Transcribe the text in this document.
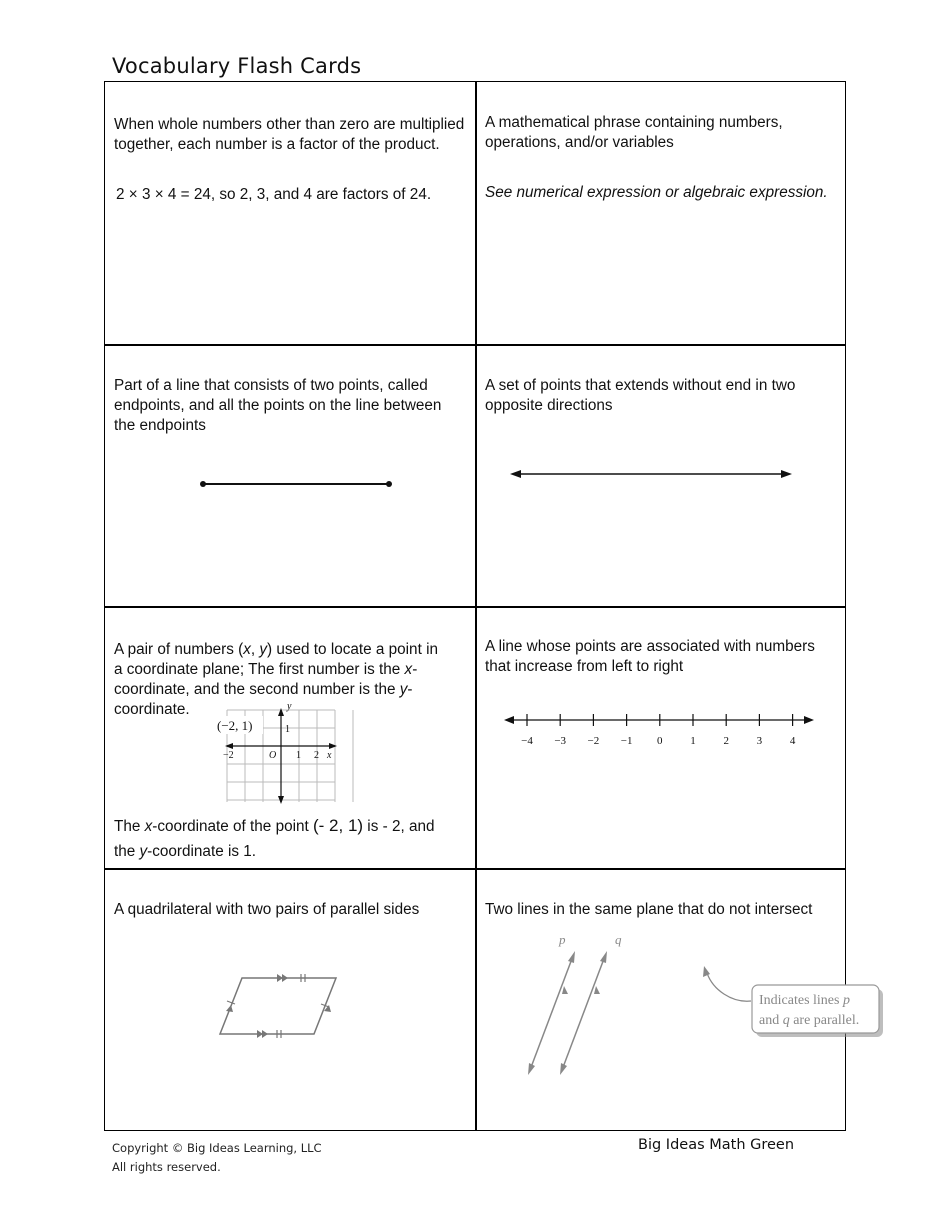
Vocabulary Flash Cards
When whole numbers other than zero are multiplied together, each number is a factor of the product.
2 × 3 × 4 = 24, so 2, 3, and 4 are factors of 24.
A mathematical phrase containing numbers, operations, and/or variables
See numerical expression or algebraic expression.
Part of a line that consists of two points, called endpoints, and all the points on the line between the endpoints
A set of points that extends without end in two opposite directions
A pair of numbers (x, y) used to locate a point in a coordinate plane; The first number is the x-coordinate, and the second number is the y-coordinate.
(−2, 1)
y
1
−2	O 1 2 x
The x-coordinate of the point (- 2, 1) is - 2, and the y-coordinate is 1.
A line whose points are associated with numbers that increase from left to right
−4 −3 −2 −1 0	1	2	3	4
A quadrilateral with two pairs of parallel sides	Two lines in the same plane that do not intersect
p	q
Indicates lines p
and q are parallel.
Copyright © Big Ideas Learning, LLC
All rights reserved.
Big Ideas Math Green
